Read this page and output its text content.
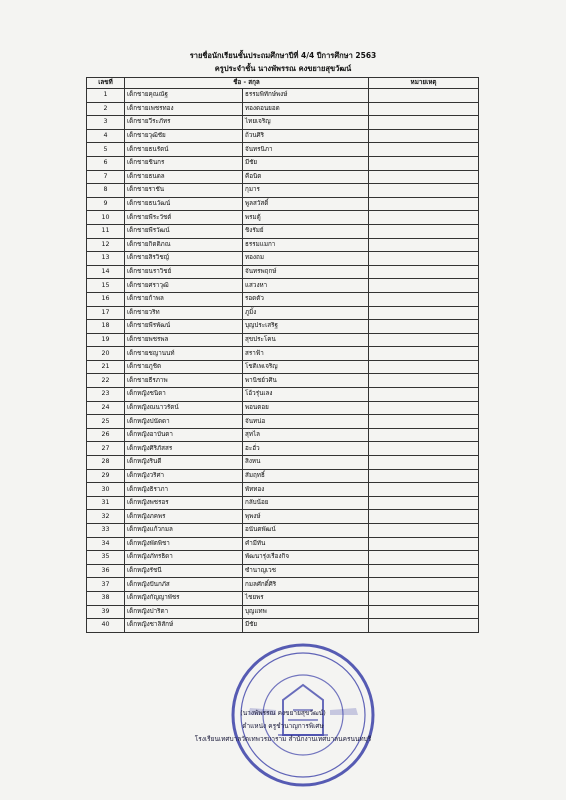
รายชื่อนักเรียนชั้นประถมศึกษาปีที่ 4/4 ปีการศึกษา 2563
ครูประจำชั้น นางพัพรรณ คงขยายสุขวัฒน์
เลขที่	ชื่อ - สกุล		หมายเหตุ
1	เด็กชายคุณณัฐ	ธรรมพิทักษ์พงษ์	
2	เด็กชายเพชรทอง	ทองดอนยอด	
3	เด็กชายวีระภัทร	ไทยเจริญ	
4	เด็กชายวุฒิชัย	ถ้วนศิริ	
5	เด็กชายธนรัตน์	จันทรนิภา	
6	เด็กชายชินกร	มีชัย	
7	เด็กชายธนดล	คือนิต	
8	เด็กชายราชัน	กุมาร	
9	เด็กชายธนวัฒน์	พูลสวัสดิ์	
10	เด็กชายพีระวัชต์	พรมตู้	
11	เด็กชายพีรวัฒน์	ชิงรัมย์	
12	เด็กชายกิตติภณ	ธรรมแมกา	
13	เด็กชายสิรวิชญ์	ทองถม	
14	เด็กชายนราวิชย์	จันทรพฤกษ์	
15	เด็กชายศราวุฒิ	แสวงหา	
16	เด็กชายก้าพล	รอดตัว	
17	เด็กชายวริท	ภูมิ้ง	
18	เด็กชายพีรพัฒน์	บุญประเสริฐ	
19	เด็กชายพชรพล	สุขประโคน	
20	เด็กชายชญานนท์	สราฟ้า	
21	เด็กชายภูชิต	โชติเพเจริญ	
22	เด็กชายธีรภาพ	พานิชย์วศิน	
23	เด็กหญิงชนิดา	โอ้วรุ่นเลง	
24	เด็กหญิงณนาวรัตน์	พอนตอย	
25	เด็กหญิงปนัดดา	จันทน่อ	
26	เด็กหญิงอาบันตา	สุทไล	
27	เด็กหญิงศิริภัสสร	ฮะฮั่ว	
28	เด็กหญิงรินดี	สิงหน	
29	เด็กหญิงวริศา	สัมฤทธิ์	
30	เด็กหญิงธิราภา	พัททอง	
31	เด็กหญิงพชรอร	กลับน้อย	
32	เด็กหญิงภคพร	พุพงษ์	
33	เด็กหญิงแก้วกมล	อนันตพัฒน์	
34	เด็กหญิงพัตพิชา	คำมีทัน	
35	เด็กหญิงภัทรธิดา	พัฒนารุ่งเรืองกิจ	
36	เด็กหญิงรัชนี	ซำนาญเวช	
37	เด็กหญิงปันกภัส	กมลศักดิ์ศิริ	
38	เด็กหญิงกัญญาพัชร	ไชยพร	
39	เด็กหญิงปาริตา	บุญแทพ	
40	เด็กหญิงชาลิสักษ์	มีชัย	
(นางพัพรรณ คงขยายสุขวัฒน์)
ตำแหน่ง ครูชำนาญการพิเศษ
โรงเรียนเทศบาลวัดเทพวรมาราม สำนักงานเทศบาลนครนนทบุรี
